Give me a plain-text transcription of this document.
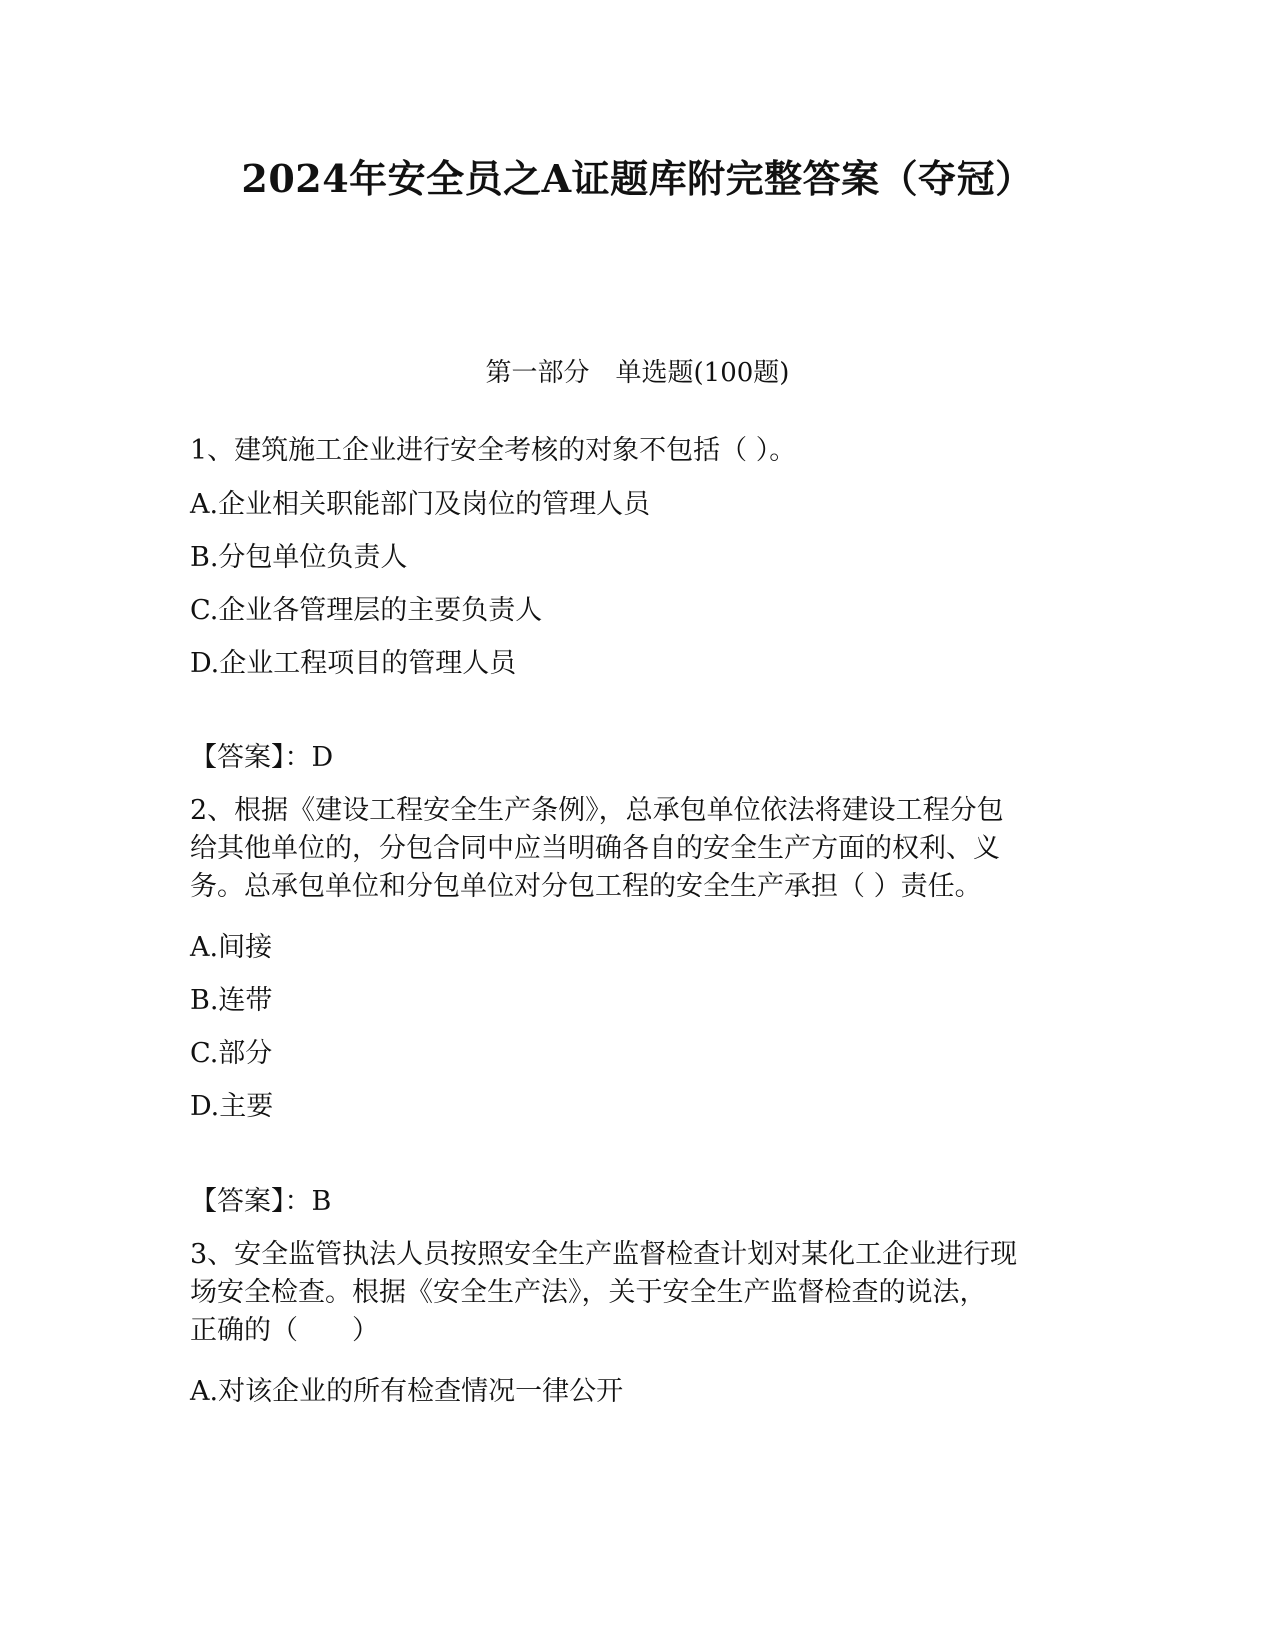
2024年安全员之A证题库附完整答案（夺冠）
第一部分　单选题(100题)
1、建筑施工企业进行安全考核的对象不包括（ ）。
A.企业相关职能部门及岗位的管理人员
B.分包单位负责人
C.企业各管理层的主要负责人
D.企业工程项目的管理人员
【答案】：D
2、根据《建设工程安全生产条例》，总承包单位依法将建设工程分包
给其他单位的，分包合同中应当明确各自的安全生产方面的权利、义
务。总承包单位和分包单位对分包工程的安全生产承担（ ）责任。
A.间接
B.连带
C.部分
D.主要
【答案】：B
3、安全监管执法人员按照安全生产监督检查计划对某化工企业进行现
场安全检查。根据《安全生产法》，关于安全生产监督检查的说法，
正确的（　　）
A.对该企业的所有检查情况一律公开
